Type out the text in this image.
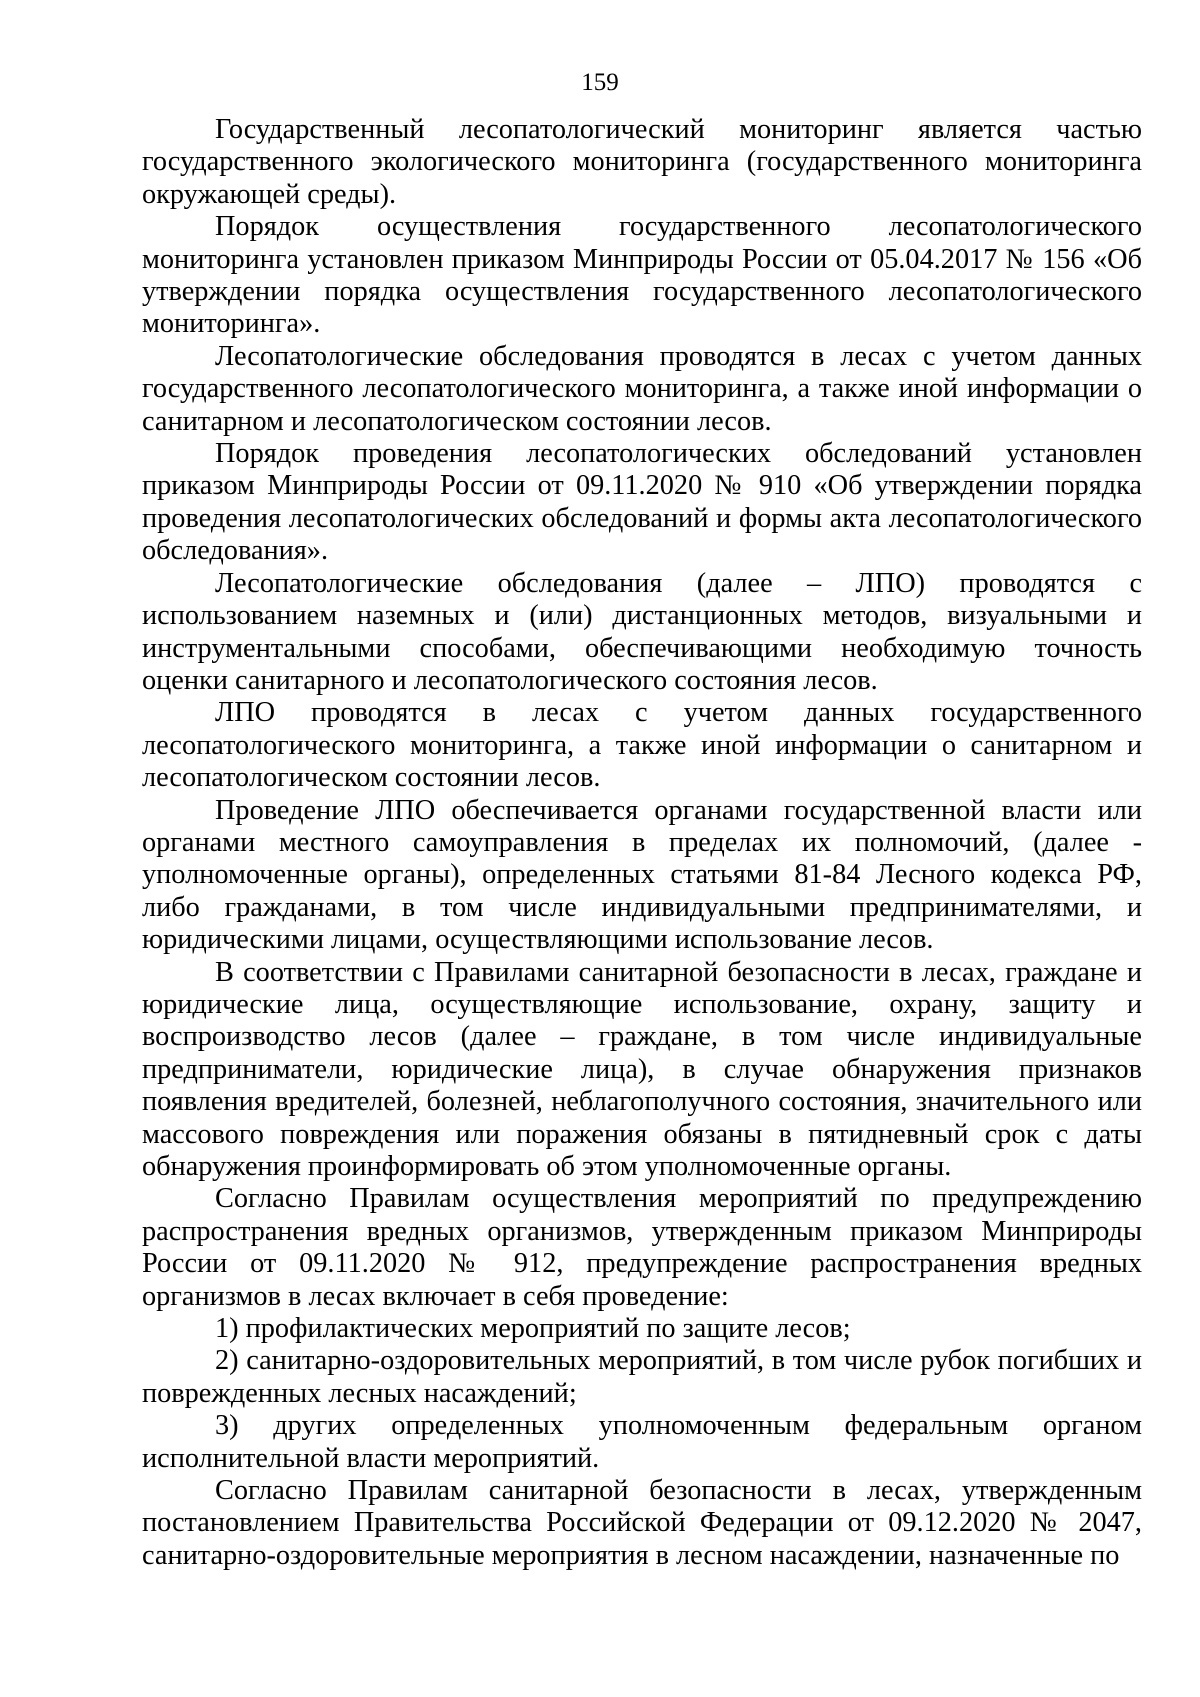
159

Государственный лесопатологический мониторинг является частью государственного экологического мониторинга (государственного мониторинга окружающей среды).

Порядок осуществления государственного лесопатологического мониторинга установлен приказом Минприроды России от 05.04.2017 № 156 «Об утверждении порядка осуществления государственного лесопатологического мониторинга».

Лесопатологические обследования проводятся в лесах с учетом данных государственного лесопатологического мониторинга, а также иной информации о санитарном и лесопатологическом состоянии лесов.

Порядок проведения лесопатологических обследований установлен приказом Минприроды России от 09.11.2020 № 910 «Об утверждении порядка проведения лесопатологических обследований и формы акта лесопатологического обследования».

Лесопатологические обследования (далее – ЛПО) проводятся с использованием наземных и (или) дистанционных методов, визуальными и инструментальными способами, обеспечивающими необходимую точность оценки санитарного и лесопатологического состояния лесов.

ЛПО проводятся в лесах с учетом данных государственного лесопатологического мониторинга, а также иной информации о санитарном и лесопатологическом состоянии лесов.

Проведение ЛПО обеспечивается органами государственной власти или органами местного самоуправления в пределах их полномочий, (далее - уполномоченные органы), определенных статьями 81-84 Лесного кодекса РФ, либо гражданами, в том числе индивидуальными предпринимателями, и юридическими лицами, осуществляющими использование лесов.

В соответствии с Правилами санитарной безопасности в лесах, граждане и юридические лица, осуществляющие использование, охрану, защиту и воспроизводство лесов (далее – граждане, в том числе индивидуальные предприниматели, юридические лица), в случае обнаружения признаков появления вредителей, болезней, неблагополучного состояния, значительного или массового повреждения или поражения обязаны в пятидневный срок с даты обнаружения проинформировать об этом уполномоченные органы.

Согласно Правилам осуществления мероприятий по предупреждению распространения вредных организмов, утвержденным приказом Минприроды России от 09.11.2020 № 912, предупреждение распространения вредных организмов в лесах включает в себя проведение:

1) профилактических мероприятий по защите лесов;

2) санитарно-оздоровительных мероприятий, в том числе рубок погибших и поврежденных лесных насаждений;

3) других определенных уполномоченным федеральным органом исполнительной власти мероприятий.

Согласно Правилам санитарной безопасности в лесах, утвержденным постановлением Правительства Российской Федерации от 09.12.2020 № 2047, санитарно-оздоровительные мероприятия в лесном насаждении, назначенные по
